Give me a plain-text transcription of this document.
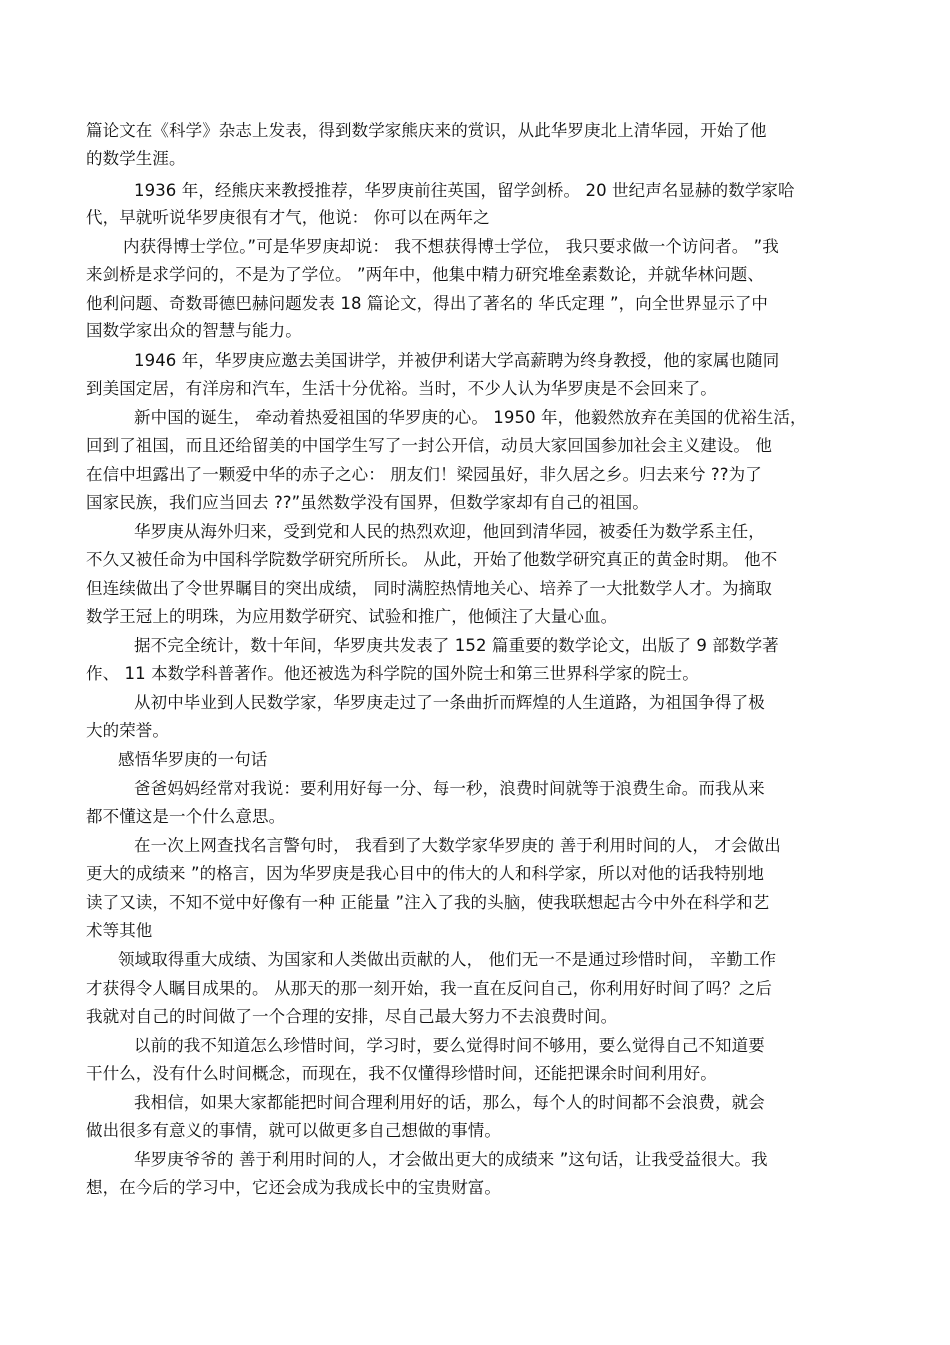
篇论文在《科学》杂志上发表，得到数学家熊庆来的赏识，从此华罗庚北上清华园，开始了他
的数学生涯。
1936 年，经熊庆来教授推荐，华罗庚前往英国，留学剑桥。 20 世纪声名显赫的数学家哈
代，早就听说华罗庚很有才气，他说： 你可以在两年之
内获得博士学位。”可是华罗庚却说： 我不想获得博士学位， 我只要求做一个访问者。 ”我
来剑桥是求学问的，不是为了学位。 ”两年中，他集中精力研究堆垒素数论，并就华林问题、
他利问题、奇数哥德巴赫问题发表 18 篇论文，得出了著名的 华氏定理 ”，向全世界显示了中
国数学家出众的智慧与能力。
1946 年，华罗庚应邀去美国讲学，并被伊利诺大学高薪聘为终身教授，他的家属也随同
到美国定居，有洋房和汽车，生活十分优裕。当时，不少人认为华罗庚是不会回来了。
新中国的诞生， 牵动着热爱祖国的华罗庚的心。 1950 年，他毅然放弃在美国的优裕生活，
回到了祖国，而且还给留美的中国学生写了一封公开信，动员大家回国参加社会主义建设。 他
在信中坦露出了一颗爱中华的赤子之心： 朋友们！梁园虽好，非久居之乡。归去来兮 ??为了
国家民族，我们应当回去 ??”虽然数学没有国界，但数学家却有自己的祖国。
华罗庚从海外归来，受到党和人民的热烈欢迎，他回到清华园，被委任为数学系主任，
不久又被任命为中国科学院数学研究所所长。 从此，开始了他数学研究真正的黄金时期。 他不
但连续做出了令世界瞩目的突出成绩， 同时满腔热情地关心、培养了一大批数学人才。为摘取
数学王冠上的明珠，为应用数学研究、试验和推广，他倾注了大量心血。
据不完全统计，数十年间，华罗庚共发表了 152 篇重要的数学论文，出版了 9 部数学著
作、 11 本数学科普著作。他还被选为科学院的国外院士和第三世界科学家的院士。
从初中毕业到人民数学家，华罗庚走过了一条曲折而辉煌的人生道路，为祖国争得了极
大的荣誉。
感悟华罗庚的一句话
爸爸妈妈经常对我说：要利用好每一分、每一秒，浪费时间就等于浪费生命。而我从来
都不懂这是一个什么意思。
在一次上网查找名言警句时， 我看到了大数学家华罗庚的 善于利用时间的人， 才会做出
更大的成绩来 ”的格言，因为华罗庚是我心目中的伟大的人和科学家，所以对他的话我特别地
读了又读，不知不觉中好像有一种 正能量 ”注入了我的头脑，使我联想起古今中外在科学和艺
术等其他
领域取得重大成绩、为国家和人类做出贡献的人， 他们无一不是通过珍惜时间， 辛勤工作
才获得令人瞩目成果的。 从那天的那一刻开始，我一直在反问自己，你利用好时间了吗？之后
我就对自己的时间做了一个合理的安排，尽自己最大努力不去浪费时间。
以前的我不知道怎么珍惜时间，学习时，要么觉得时间不够用，要么觉得自己不知道要
干什么，没有什么时间概念，而现在，我不仅懂得珍惜时间，还能把课余时间利用好。
我相信，如果大家都能把时间合理利用好的话，那么，每个人的时间都不会浪费，就会
做出很多有意义的事情，就可以做更多自己想做的事情。
华罗庚爷爷的 善于利用时间的人，才会做出更大的成绩来 ”这句话，让我受益很大。我
想，在今后的学习中，它还会成为我成长中的宝贵财富。
